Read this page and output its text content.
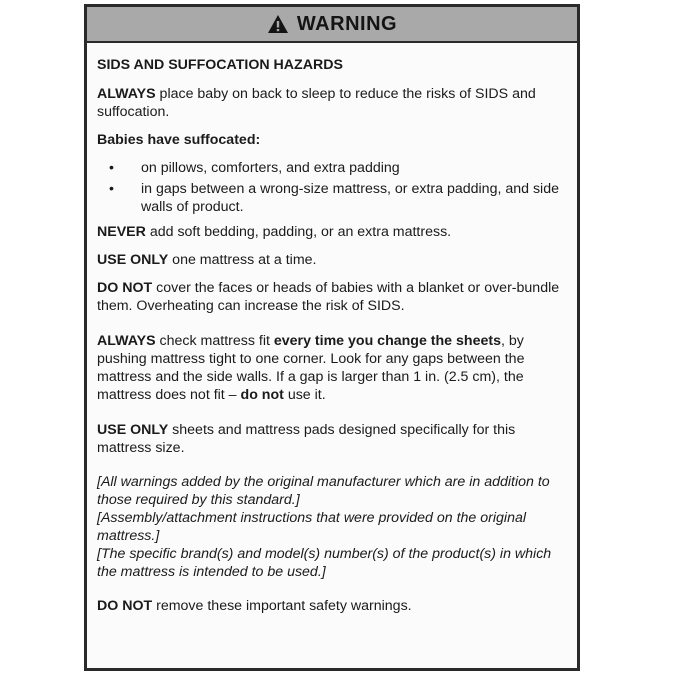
WARNING
SIDS AND SUFFOCATION HAZARDS

ALWAYS place baby on back to sleep to reduce the risks of SIDS and suffocation.

Babies have suffocated:

• on pillows, comforters, and extra padding
• in gaps between a wrong-size mattress, or extra padding, and side walls of product.

NEVER add soft bedding, padding, or an extra mattress.

USE ONLY one mattress at a time.

DO NOT cover the faces or heads of babies with a blanket or over-bundle them. Overheating can increase the risk of SIDS.

ALWAYS check mattress fit every time you change the sheets, by pushing mattress tight to one corner. Look for any gaps between the mattress and the side walls. If a gap is larger than 1 in. (2.5 cm), the mattress does not fit – do not use it.

USE ONLY sheets and mattress pads designed specifically for this mattress size.

[All warnings added by the original manufacturer which are in addition to those required by this standard.]
[Assembly/attachment instructions that were provided on the original mattress.]
[The specific brand(s) and model(s) number(s) of the product(s) in which the mattress is intended to be used.]

DO NOT remove these important safety warnings.
